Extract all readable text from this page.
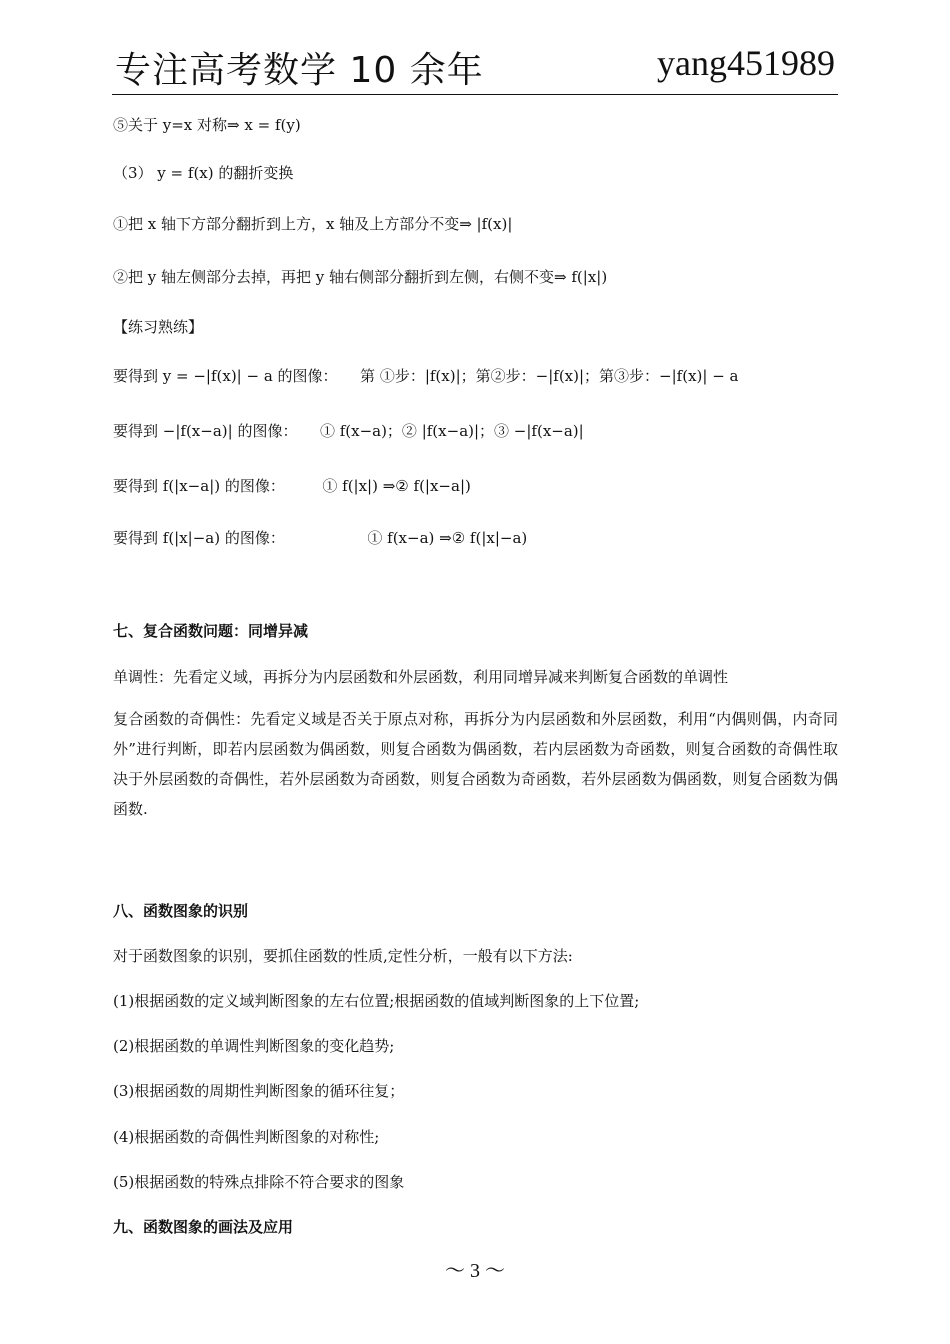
专注高考数学 10 余年	yang451989
⑤关于 y=x 对称⇒ x = f(y)
（3） y = f(x) 的翻折变换
①把 x 轴下方部分翻折到上方，x 轴及上方部分不变⇒ |f(x)|
②把 y 轴左侧部分去掉，再把 y 轴右侧部分翻折到左侧，右侧不变⇒ f(|x|)
【练习熟练】
要得到 y = −|f(x)| − a 的图像：　　第 ①步：|f(x)|；第②步：−|f(x)|；第③步：−|f(x)| − a
要得到 −|f(x−a)| 的图像：　　① f(x−a)；② |f(x−a)|；③ −|f(x−a)|
要得到 f(|x−a|) 的图像：　　　① f(|x|) ⇒② f(|x−a|)
要得到 f(|x|−a) 的图像：　　　　　　① f(x−a) ⇒② f(|x|−a)
七、复合函数问题：同增异减
单调性：先看定义域，再拆分为内层函数和外层函数，利用同增异减来判断复合函数的单调性
复合函数的奇偶性：先看定义域是否关于原点对称，再拆分为内层函数和外层函数，利用“内偶则偶，内奇同外”进行判断，即若内层函数为偶函数，则复合函数为偶函数，若内层函数为奇函数，则复合函数的奇偶性取决于外层函数的奇偶性，若外层函数为奇函数，则复合函数为奇函数，若外层函数为偶函数，则复合函数为偶函数.
八、函数图象的识别
对于函数图象的识别，要抓住函数的性质,定性分析，一般有以下方法:
(1)根据函数的定义域判断图象的左右位置;根据函数的值域判断图象的上下位置;
(2)根据函数的单调性判断图象的变化趋势;
(3)根据函数的周期性判断图象的循环往复；
(4)根据函数的奇偶性判断图象的对称性;
(5)根据函数的特殊点排除不符合要求的图象
九、函数图象的画法及应用
～ 3 ～
